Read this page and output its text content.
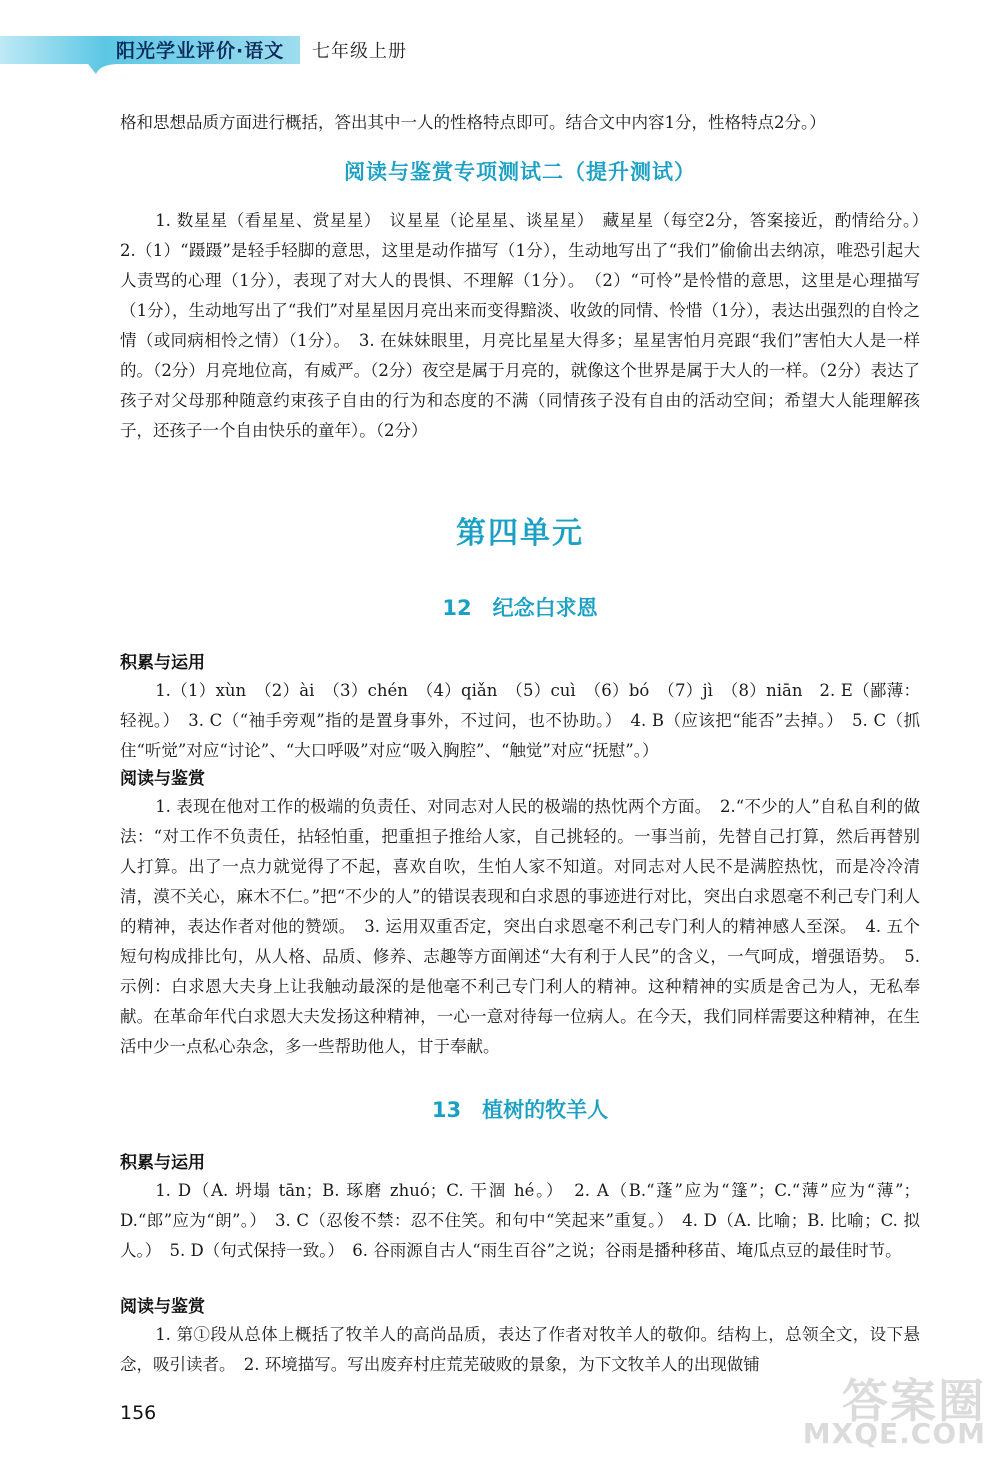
阳光学业评价·语文 七年级上册

格和思想品质方面进行概括，答出其中一人的性格特点即可。结合文中内容1分，性格特点2分。）

阅读与鉴赏专项测试二（提升测试）

1. 数星星（看星星、赏星星）　议星星（论星星、谈星星）　藏星星（每空2分，答案接近，酌情给分。）　2.（1）“蹑蹑”是轻手轻脚的意思，这里是动作描写（1分），生动地写出了“我们”偷偷出去纳凉，唯恐引起大人责骂的心理（1分），表现了对大人的畏惧、不理解（1分）。　（2）“可怜”是怜惜的意思，这里是心理描写（1分），生动地写出了“我们”对星星因月亮出来而变得黯淡、收敛的同情、怜惜（1分），表达出强烈的自怜之情（或同病相怜之情）（1分）。　3. 在妹妹眼里，月亮比星星大得多；星星害怕月亮跟“我们”害怕大人是一样的。（2分）月亮地位高，有威严。（2分）夜空是属于月亮的，就像这个世界是属于大人的一样。（2分）表达了孩子对父母那种随意约束孩子自由的行为和态度的不满（同情孩子没有自由的活动空间；希望大人能理解孩子，还孩子一个自由快乐的童年）。（2分）

第四单元
12　纪念白求恩
积累与运用

1.（1）xùn　（2）ài　（3）chén　（4）qiǎn　（5）cuì　（6）bó　（7）jì　（8）niān　2. E（鄙薄：轻视。）　3. C（“袖手旁观”指的是置身事外，不过问，也不协助。）　4. B（应该把“能否”去掉。）　5. C（抓住“听觉”对应“讨论”、“大口呼吸”对应“吸入胸腔”、“触觉”对应“抚慰”。）

阅读与鉴赏

1. 表现在他对工作的极端的负责任、对同志对人民的极端的热忱两个方面。　2.“不少的人”自私自利的做法：“对工作不负责任，拈轻怕重，把重担子推给人家，自己挑轻的。一事当前，先替自己打算，然后再替别人打算。出了一点力就觉得了不起，喜欢自吹，生怕人家不知道。对同志对人民不是满腔热忱，而是冷冷清清，漠不关心，麻木不仁。”把“不少的人”的错误表现和白求恩的事迹进行对比，突出白求恩毫不利己专门利人的精神，表达作者对他的赞颂。　3. 运用双重否定，突出白求恩毫不利己专门利人的精神感人至深。　4. 五个短句构成排比句，从人格、品质、修养、志趣等方面阐述“大有利于人民”的含义，一气呵成，增强语势。　5. 示例：白求恩大夫身上让我触动最深的是他毫不利己专门利人的精神。这种精神的实质是舍己为人，无私奉献。在革命年代白求恩大夫发扬这种精神，一心一意对待每一位病人。在今天，我们同样需要这种精神，在生活中少一点私心杂念，多一些帮助他人，甘于奉献。

13　植树的牧羊人
积累与运用

1. D（A. 坍塌 tān；B. 琢磨 zhuó；C. 干涸 hé。）　2. A（B.“蓬”应为“篷”；C.“薄”应为“薄”；D.“郎”应为“朗”。）　3. C（忍俊不禁：忍不住笑。和句中“笑起来”重复。）　4. D（A. 比喻；B. 比喻；C. 拟人。）　5. D（句式保持一致。）　6. 谷雨源自古人“雨生百谷”之说；谷雨是播种移苗、埯瓜点豆的最佳时节。

阅读与鉴赏

1. 第①段从总体上概括了牧羊人的高尚品质，表达了作者对牧羊人的敬仰。结构上，总领全文，设下悬念，吸引读者。　2. 环境描写。写出废弃村庄荒芜破败的景象，为下文牧羊人的出现做铺

156	答案圈
MXQE.COM
